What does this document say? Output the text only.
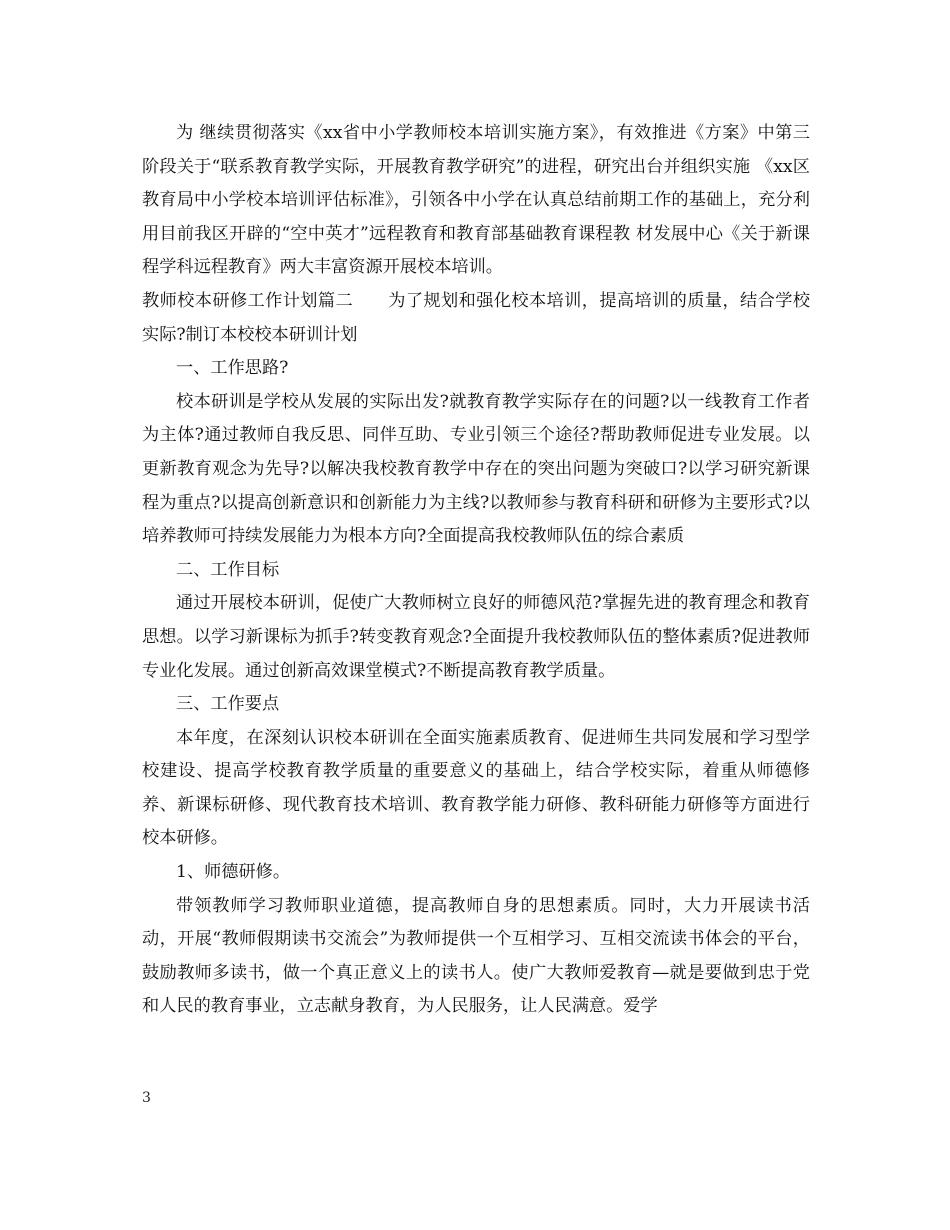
为 继续贯彻落实《xx省中小学教师校本培训实施方案》，有效推进《方案》中第三阶段关于“联系教育教学实际，开展教育教学研究”的进程，研究出台并组织实施 《xx区教育局中小学校本培训评估标准》，引领各中小学在认真总结前期工作的基础上，充分利用目前我区开辟的“空中英才”远程教育和教育部基础教育课程教 材发展中心《关于新课程学科远程教育》两大丰富资源开展校本培训。

教师校本研修工作计划篇二　　为了规划和强化校本培训，提高培训的质量，结合学校实际?制订本校校本研训计划

一、工作思路?

校本研训是学校从发展的实际出发?就教育教学实际存在的问题?以一线教育工作者为主体?通过教师自我反思、同伴互助、专业引领三个途径?帮助教师促进专业发展。以更新教育观念为先导?以解决我校教育教学中存在的突出问题为突破口?以学习研究新课程为重点?以提高创新意识和创新能力为主线?以教师参与教育科研和研修为主要形式?以培养教师可持续发展能力为根本方向?全面提高我校教师队伍的综合素质

二、工作目标

通过开展校本研训，促使广大教师树立良好的师德风范?掌握先进的教育理念和教育思想。以学习新课标为抓手?转变教育观念?全面提升我校教师队伍的整体素质?促进教师专业化发展。通过创新高效课堂模式?不断提高教育教学质量。

三、工作要点

本年度，在深刻认识校本研训在全面实施素质教育、促进师生共同发展和学习型学校建设、提高学校教育教学质量的重要意义的基础上，结合学校实际，着重从师德修养、新课标研修、现代教育技术培训、教育教学能力研修、教科研能力研修等方面进行校本研修。

1、师德研修。

带领教师学习教师职业道德，提高教师自身的思想素质。同时，大力开展读书活动，开展“教师假期读书交流会”为教师提供一个互相学习、互相交流读书体会的平台，鼓励教师多读书，做一个真正意义上的读书人。使广大教师爱教育—就是要做到忠于党和人民的教育事业，立志献身教育，为人民服务，让人民满意。爱学

3
